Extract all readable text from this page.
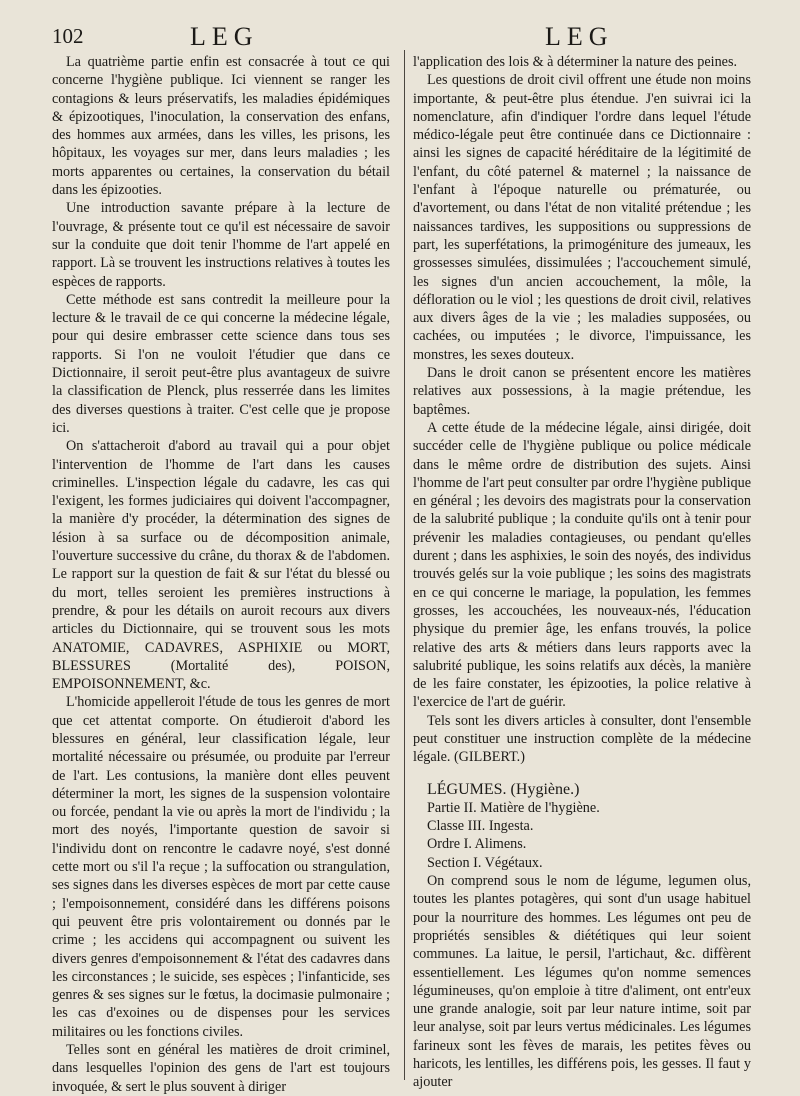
102	LEG	LEG

La quatrième partie enfin est consacrée à tout ce qui concerne l'hygiène publique. Ici viennent se ranger les contagions & leurs préservatifs, les maladies épidémiques & épizootiques, l'inoculation, la conservation des enfans, des hommes aux armées, dans les villes, les prisons, les hôpitaux, les voyages sur mer, dans leurs maladies ; les morts apparentes ou certaines, la conservation du bétail dans les épizooties.

Une introduction savante prépare à la lecture de l'ouvrage, & présente tout ce qu'il est nécessaire de savoir sur la conduite que doit tenir l'homme de l'art appelé en rapport. Là se trouvent les instructions relatives à toutes les espèces de rapports.

Cette méthode est sans contredit la meilleure pour la lecture & le travail de ce qui concerne la médecine légale, pour qui desire embrasser cette science dans tous ses rapports. Si l'on ne vouloit l'étudier que dans ce Dictionnaire, il seroit peut-être plus avantageux de suivre la classification de Plenck, plus resserrée dans les limites des diverses questions à traiter. C'est celle que je propose ici.

On s'attacheroit d'abord au travail qui a pour objet l'intervention de l'homme de l'art dans les causes criminelles. L'inspection légale du cadavre, les cas qui l'exigent, les formes judiciaires qui doivent l'accompagner, la manière d'y procéder, la détermination des signes de lésion à sa surface ou de décomposition animale, l'ouverture successive du crâne, du thorax & de l'abdomen. Le rapport sur la question de fait & sur l'état du blessé ou du mort, telles seroient les premières instructions à prendre, & pour les détails on auroit recours aux divers articles du Dictionnaire, qui se trouvent sous les mots ANATOMIE, CADAVRES, ASPHIXIE ou MORT, BLESSURES (Mortalité des), POISON, EMPOISONNEMENT, &c.

L'homicide appelleroit l'étude de tous les genres de mort que cet attentat comporte. On étudieroit d'abord les blessures en général, leur classification légale, leur mortalité nécessaire ou présumée, ou produite par l'erreur de l'art. Les contusions, la manière dont elles peuvent déterminer la mort, les signes de la suspension volontaire ou forcée, pendant la vie ou après la mort de l'individu ; la mort des noyés, l'importante question de savoir si l'individu dont on rencontre le cadavre noyé, s'est donné cette mort ou s'il l'a reçue ; la suffocation ou strangulation, ses signes dans les diverses espèces de mort par cette cause ; l'empoisonnement, considéré dans les différens poisons qui peuvent être pris volontairement ou donnés par le crime ; les accidens qui accompagnent ou suivent les divers genres d'empoisonnement & l'état des cadavres dans les circonstances ; le suicide, ses espèces ; l'infanticide, ses genres & ses signes sur le fœtus, la docimasie pulmonaire ; les cas d'exoines ou de dispenses pour les services militaires ou les fonctions civiles.

Telles sont en général les matières de droit criminel, dans lesquelles l'opinion des gens de l'art est toujours invoquée, & sert le plus souvent à diriger

l'application des lois & à déterminer la nature des peines.

Les questions de droit civil offrent une étude non moins importante, & peut-être plus étendue. J'en suivrai ici la nomenclature, afin d'indiquer l'ordre dans lequel l'étude médico-légale peut être continuée dans ce Dictionnaire : ainsi les signes de capacité héréditaire de la légitimité de l'enfant, du côté paternel & maternel ; la naissance de l'enfant à l'époque naturelle ou prématurée, ou d'avortement, ou dans l'état de non vitalité prétendue ; les naissances tardives, les suppositions ou suppressions de part, les superfétations, la primogéniture des jumeaux, les grossesses simulées, dissimulées ; l'accouchement simulé, les signes d'un ancien accouchement, la môle, la défloration ou le viol ; les questions de droit civil, relatives aux divers âges de la vie ; les maladies supposées, ou cachées, ou imputées ; le divorce, l'impuissance, les monstres, les sexes douteux.

Dans le droit canon se présentent encore les matières relatives aux possessions, à la magie prétendue, les baptêmes.

A cette étude de la médecine légale, ainsi dirigée, doit succéder celle de l'hygiène publique ou police médicale dans le même ordre de distribution des sujets. Ainsi l'homme de l'art peut consulter par ordre l'hygiène publique en général ; les devoirs des magistrats pour la conservation de la salubrité publique ; la conduite qu'ils ont à tenir pour prévenir les maladies contagieuses, ou pendant qu'elles durent ; dans les asphixies, le soin des noyés, des individus trouvés gelés sur la voie publique ; les soins des magistrats en ce qui concerne le mariage, la population, les femmes grosses, les accouchées, les nouveaux-nés, l'éducation physique du premier âge, les enfans trouvés, la police relative des arts & métiers dans leurs rapports avec la salubrité publique, les soins relatifs aux décès, la manière de les faire constater, les épizooties, la police relative à l'exercice de l'art de guérir.

Tels sont les divers articles à consulter, dont l'ensemble peut constituer une instruction complète de la médecine légale. (GILBERT.)

LÉGUMES. (Hygiène.)
Partie II. Matière de l'hygiène.
Classe III. Ingesta.
Ordre I. Alimens.
Section I. Végétaux.

On comprend sous le nom de légume, legumen olus, toutes les plantes potagères, qui sont d'un usage habituel pour la nourriture des hommes. Les légumes ont peu de propriétés sensibles & diététiques qui leur soient communes. La laitue, le persil, l'artichaut, &c. diffèrent essentiellement. Les légumes qu'on nomme semences légumineuses, qu'on emploie à titre d'aliment, ont entr'eux une grande analogie, soit par leur nature intime, soit par leur analyse, soit par leurs vertus médicinales. Les légumes farineux sont les fèves de marais, les petites fèves ou haricots, les lentilles, les différens pois, les gesses. Il faut y ajouter
